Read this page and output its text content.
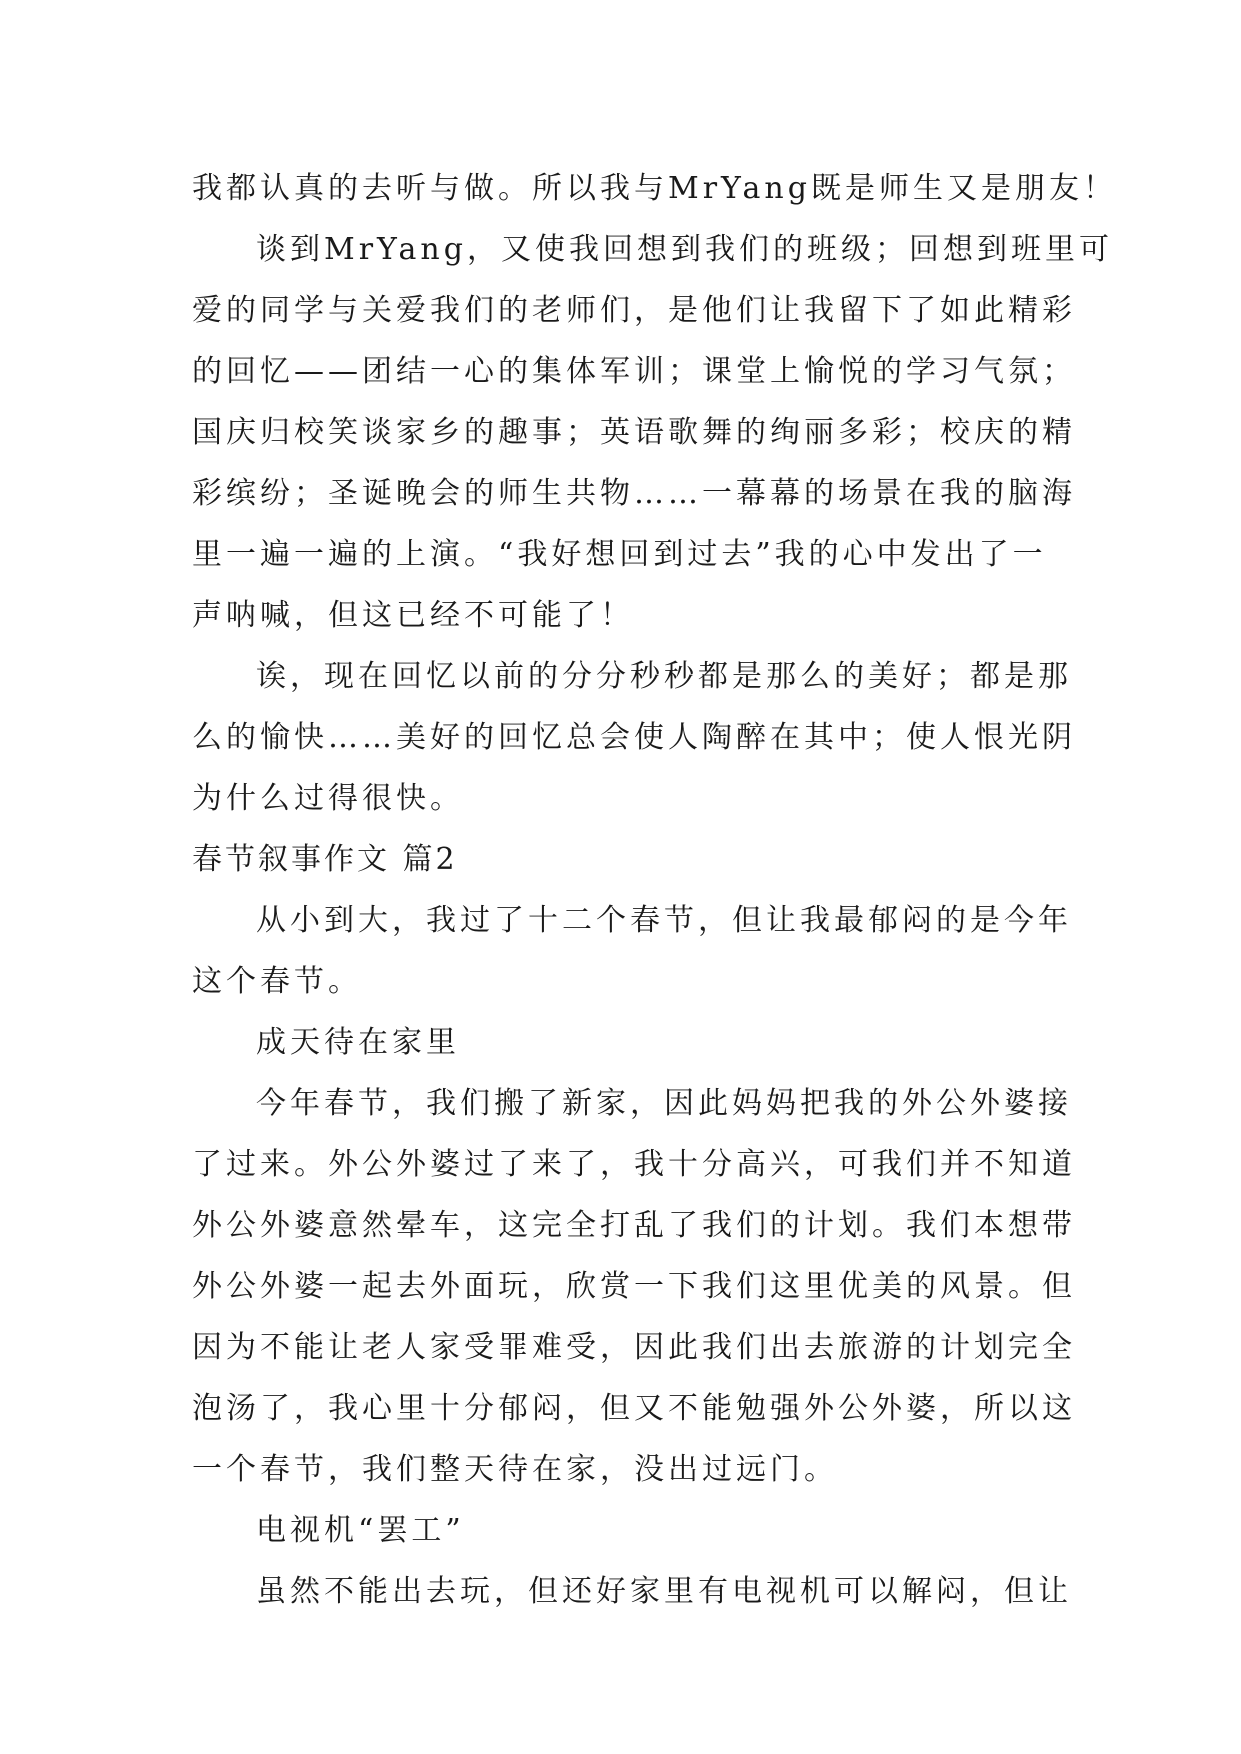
我都认真的去听与做。所以我与MrYang既是师生又是朋友！
谈到MrYang，又使我回想到我们的班级；回想到班里可
爱的同学与关爱我们的老师们，是他们让我留下了如此精彩
的回忆——团结一心的集体军训；课堂上愉悦的学习气氛；
国庆归校笑谈家乡的趣事；英语歌舞的绚丽多彩；校庆的精
彩缤纷；圣诞晚会的师生共物……一幕幕的场景在我的脑海
里一遍一遍的上演。“我好想回到过去”我的心中发出了一
声呐喊，但这已经不可能了！
诶，现在回忆以前的分分秒秒都是那么的美好；都是那
么的愉快……美好的回忆总会使人陶醉在其中；使人恨光阴
为什么过得很快。
春节叙事作文 篇2
从小到大，我过了十二个春节，但让我最郁闷的是今年
这个春节。
成天待在家里
今年春节，我们搬了新家，因此妈妈把我的外公外婆接
了过来。外公外婆过了来了，我十分高兴，可我们并不知道
外公外婆意然晕车，这完全打乱了我们的计划。我们本想带
外公外婆一起去外面玩，欣赏一下我们这里优美的风景。但
因为不能让老人家受罪难受，因此我们出去旅游的计划完全
泡汤了，我心里十分郁闷，但又不能勉强外公外婆，所以这
一个春节，我们整天待在家，没出过远门。
电视机“罢工”
虽然不能出去玩，但还好家里有电视机可以解闷，但让
